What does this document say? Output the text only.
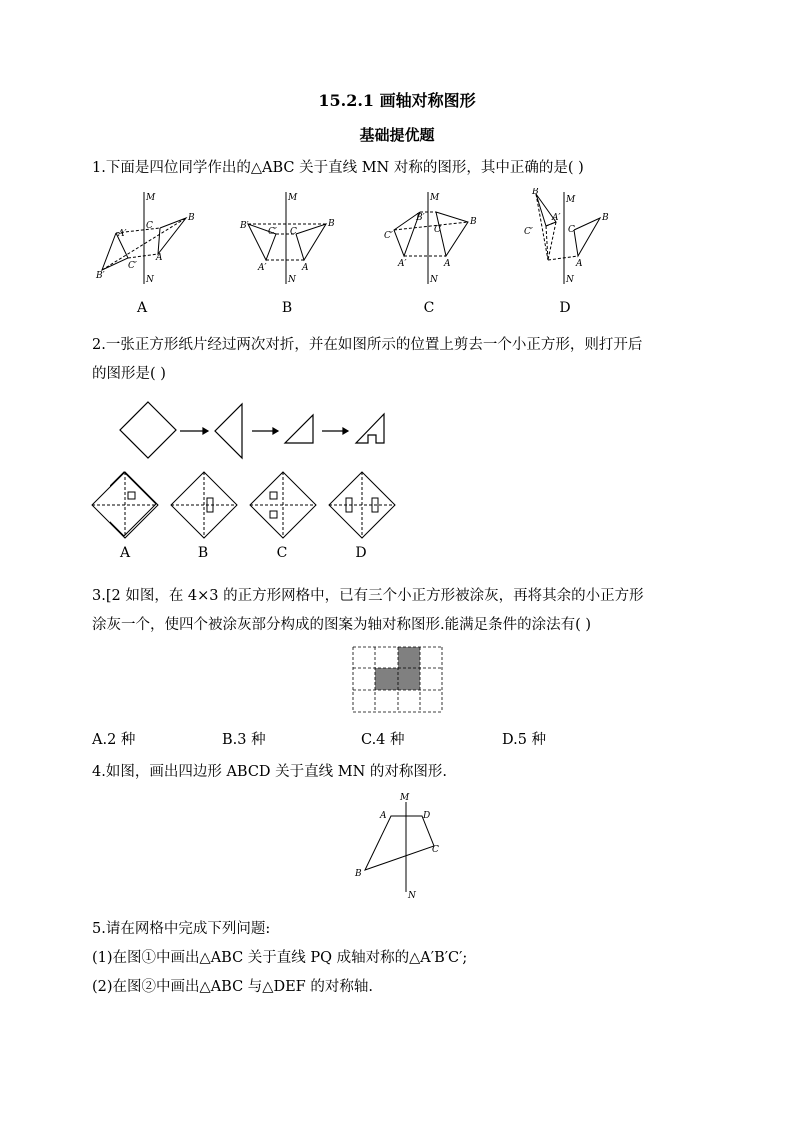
15.2.1 画轴对称图形
基础提优题
1.下面是四位同学作出的△ABC 关于直线 MN 对称的图形，其中正确的是( )
M
N
B
C
A
A′
C′
B′
M
N
B
B′
C
C′
A
A′
M
N
B
B′
C
C′
A
A′
M
N
B
B
A′
C
C′
A
A	B	C	D
2.一张正方形纸片经过两次对折，并在如图所示的位置上剪去一个小正方形，则打开后
的图形是( )
A	B	C	D
3.[2 如图，在 4×3 的正方形网格中，已有三个小正方形被涂灰，再将其余的小正方形
涂灰一个，使四个被涂灰部分构成的图案为轴对称图形.能满足条件的涂法有( )
A.2 种	B.3 种	C.4 种	D.5 种
4.如图，画出四边形 ABCD 关于直线 MN 的对称图形.
M
N
A	D
C
B
5.请在网格中完成下列问题:
(1)在图①中画出△ABC 关于直线 PQ 成轴对称的△A′B′C′;
(2)在图②中画出△ABC 与△DEF 的对称轴.
